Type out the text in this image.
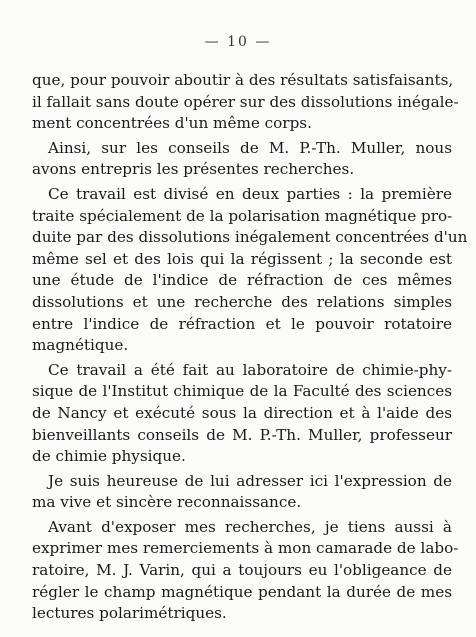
— 10 —
que, pour pouvoir aboutir à des résultats satisfaisants,
il fallait sans doute opérer sur des dissolutions inégale-
ment concentrées d'un même corps.
Ainsi, sur les conseils de M. P.-Th. Muller, nous
avons entrepris les présentes recherches.
Ce travail est divisé en deux parties : la première
traite spécialement de la polarisation magnétique pro-
duite par des dissolutions inégalement concentrées d'un
même sel et des lois qui la régissent ; la seconde est
une étude de l'indice de réfraction de ces mêmes
dissolutions et une recherche des relations simples
entre l'indice de réfraction et le pouvoir rotatoire
magnétique.
Ce travail a été fait au laboratoire de chimie-phy-
sique de l'Institut chimique de la Faculté des sciences
de Nancy et exécuté sous la direction et à l'aide des
bienveillants conseils de M. P.-Th. Muller, professeur
de chimie physique.
Je suis heureuse de lui adresser ici l'expression de
ma vive et sincère reconnaissance.
Avant d'exposer mes recherches, je tiens aussi à
exprimer mes remerciements à mon camarade de labo-
ratoire, M. J. Varin, qui a toujours eu l'obligeance de
régler le champ magnétique pendant la durée de mes
lectures polarimétriques.
